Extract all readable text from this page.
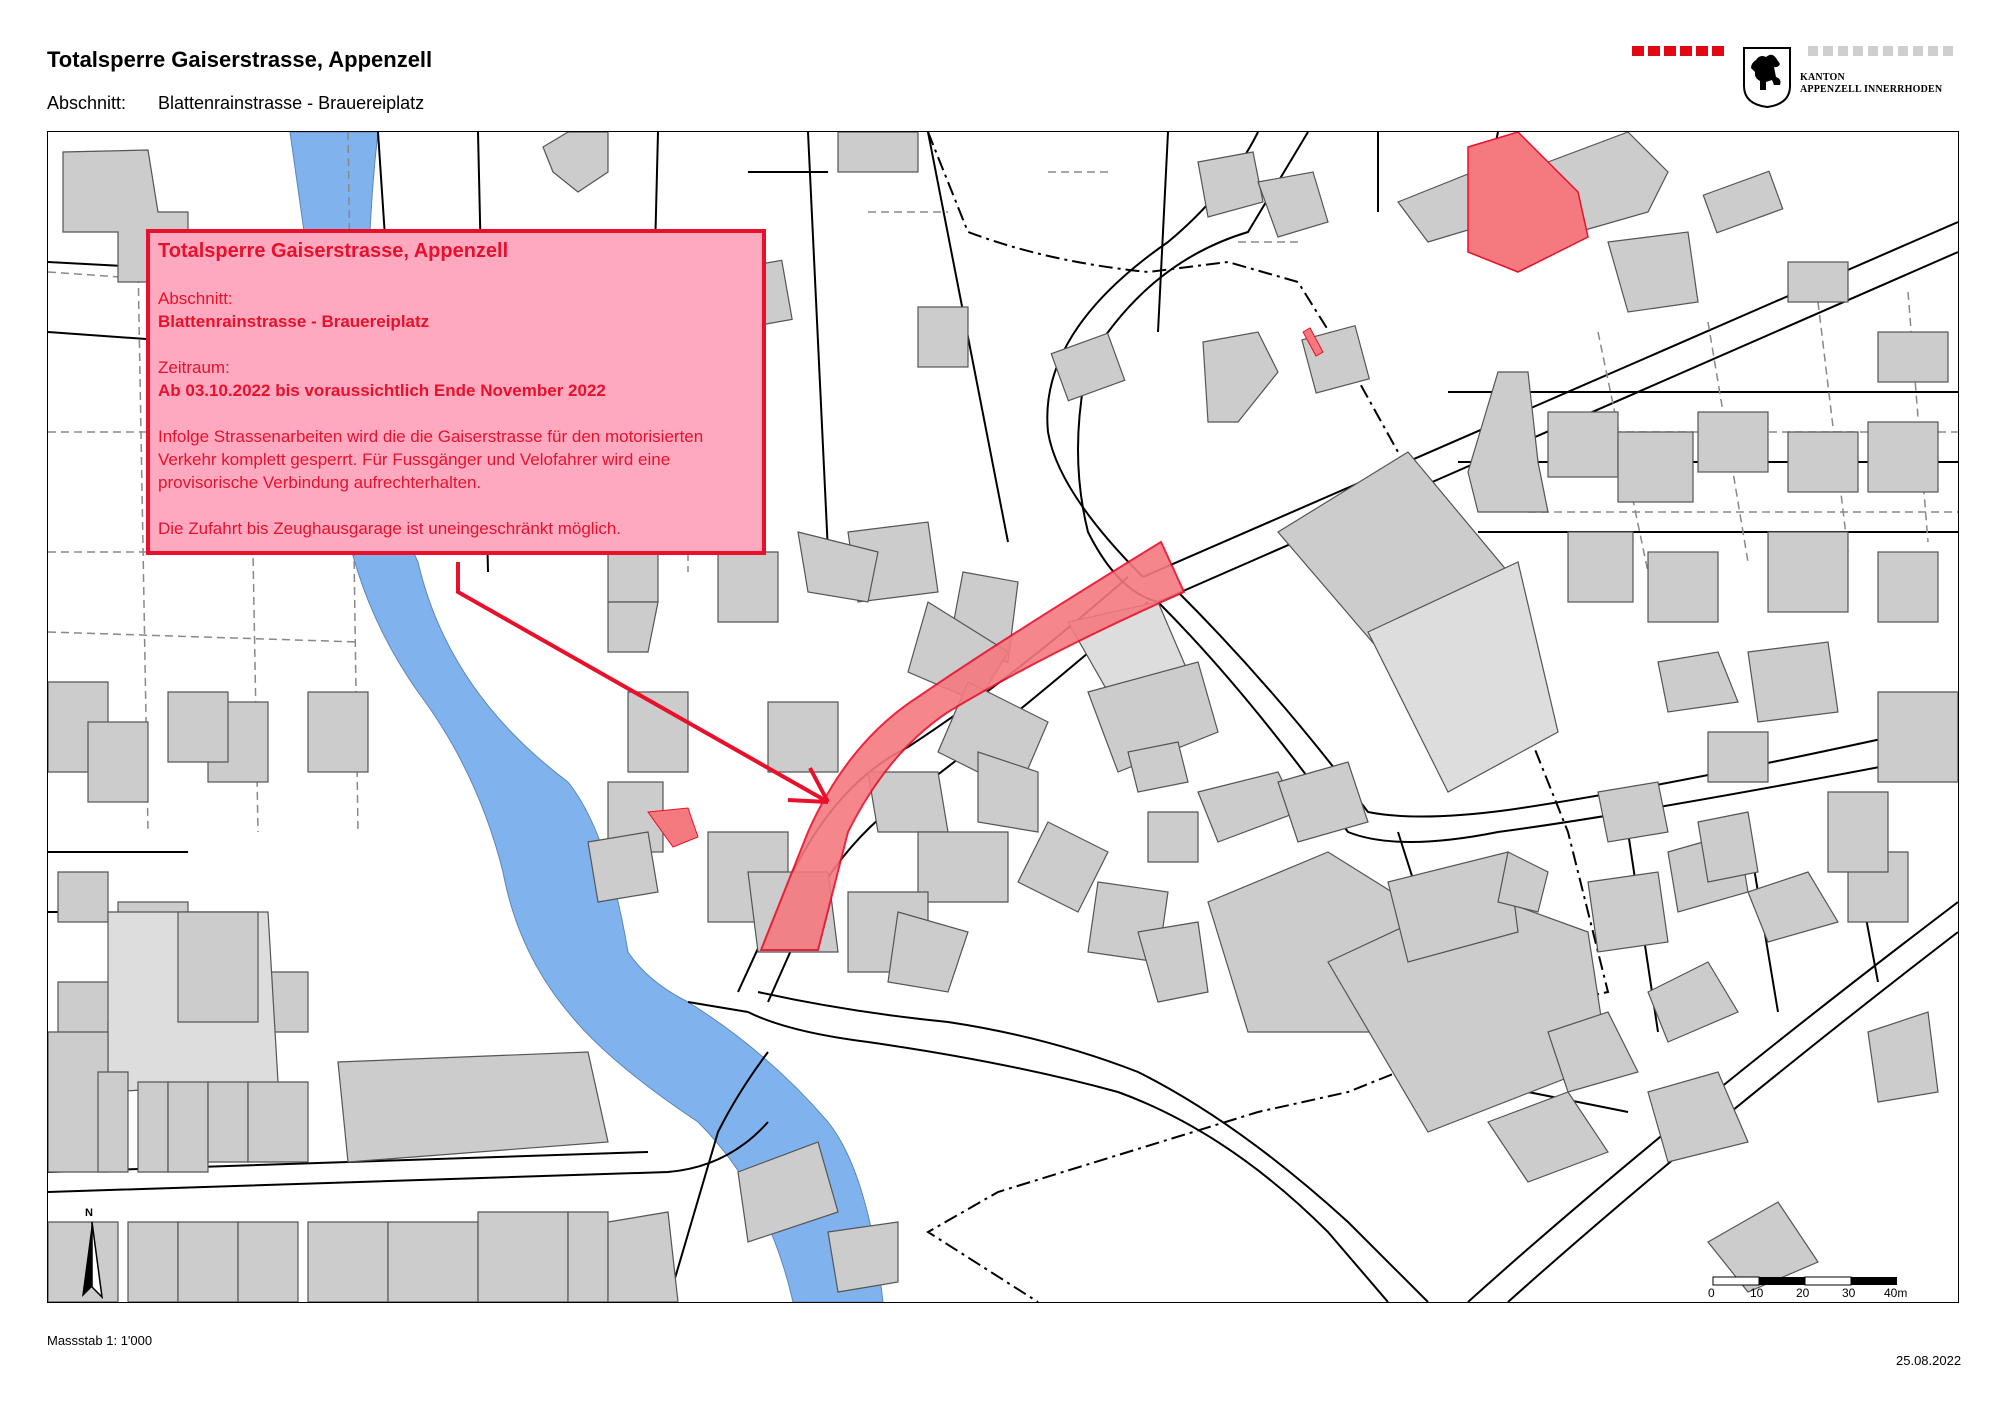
Totalsperre Gaiserstrasse, Appenzell
Abschnitt: Blattenrainstrasse - Brauereiplatz
KANTON
APPENZELL INNERRHODEN
Totalsperre Gaiserstrasse, Appenzell
Abschnitt:
Blattenrainstrasse - Brauereiplatz
Zeitraum:
Ab 03.10.2022 bis voraussichtlich Ende November 2022
Infolge Strassenarbeiten wird die die Gaiserstrasse für den motorisierten Verkehr komplett gesperrt. Für Fussgänger und Velofahrer wird eine provisorische Verbindung aufrechterhalten.
Die Zufahrt bis Zeughausgarage ist uneingeschränkt möglich.
N
0	10	20	30 40m
Massstab 1: 1'000
25.08.2022
